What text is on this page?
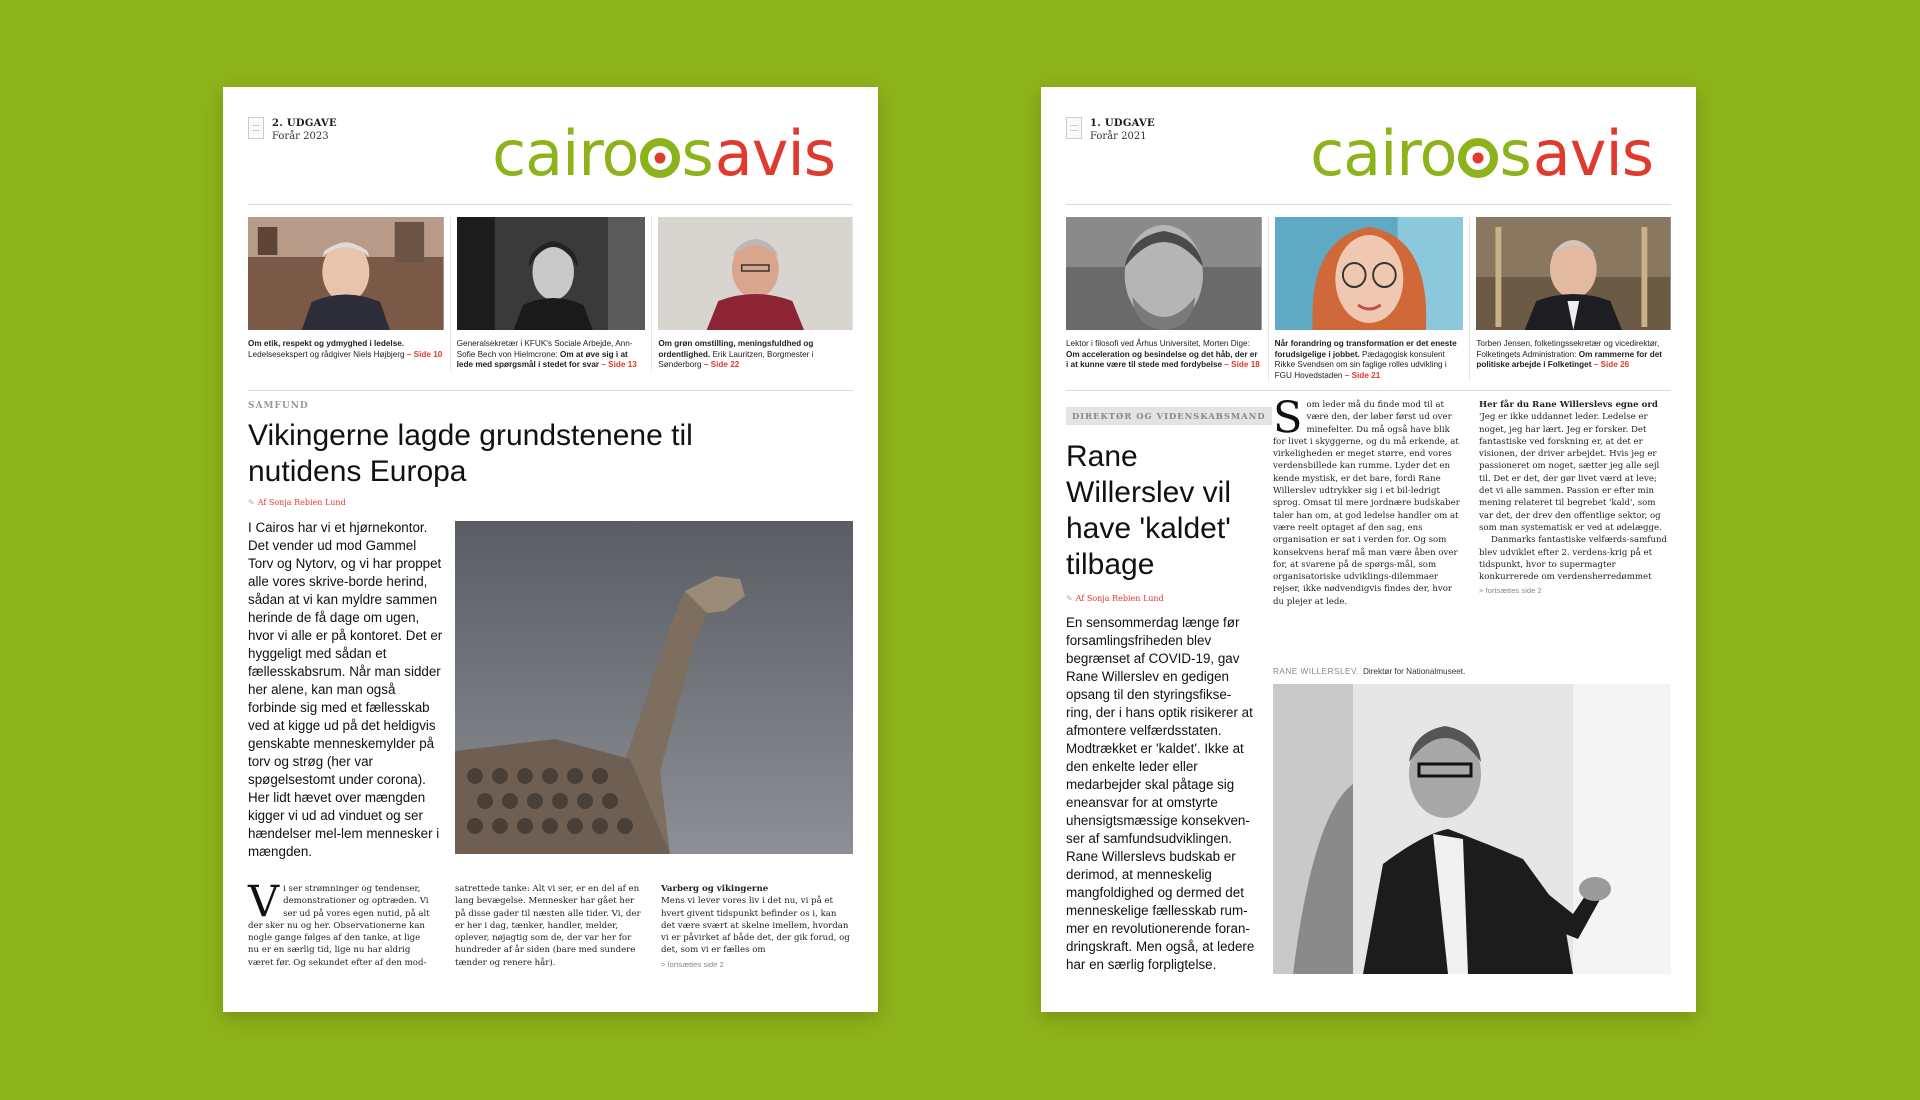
2. UDGAVE
Forår 2023	cairo s avis
Om etik, respekt og ydmyghed i ledelse. Ledelsesekspert og rådgiver Niels Højbjerg – Side 10
Generalsekretær i KFUK's Sociale Arbejde, Ann-Sofie Bech von Hielmcrone: Om at øve sig i at lede med spørgsmål i stedet for svar – Side 13
Om grøn omstilling, meningsfuldhed og ordentlighed. Erik Lauritzen, Borgmester i Sønderborg – Side 22
SAMFUND
Vikingerne lagde grundstenene til nutidens Europa
✎ Af Sonja Rebien Lund
I Cairos har vi et hjørnekontor. Det vender ud mod Gammel Torv og Nytorv, og vi har proppet alle vores skrive-borde herind, sådan at vi kan myldre sammen herinde de få dage om ugen, hvor vi alle er på kontoret. Det er hyggeligt med sådan et fællesskabsrum. Når man sidder her alene, kan man også forbinde sig med et fællesskab ved at kigge ud på det heldigvis genskabte menneskemylder på torv og strøg (her var spøgelsestomt under corona). Her lidt hævet over mængden kigger vi ud ad vinduet og ser hændelser mel-lem mennesker i mængden.
Vi ser strømninger og tendenser, demonstrationer og optræden. Vi ser ud på vores egen nutid, på alt der sker nu og her. Observationerne kan nogle gange følges af den tanke, at lige nu er en særlig tid, lige nu har aldrig været før. Og sekundet efter af den mod-
satrettede tanke: Alt vi ser, er en del af en lang bevægelse. Mennesker har gået her på disse gader til næsten alle tider. Vi, der er her i dag, tænker, handler, melder, oplever, nøjagtig som de, der var her for hundreder af år siden (bare med sundere tænder og renere hår).
Varberg og vikingerne
Mens vi lever vores liv i det nu, vi på et hvert givent tidspunkt befinder os i, kan det være svært at skelne imellem, hvordan vi er påvirket af både det, der gik forud, og det, som vi er fælles om
> fortsættes side 2
1. UDGAVE
Forår 2021	cairo s avis
Lektor i filosofi ved Århus Universitet, Morten Dige: Om acceleration og besindelse og det håb, der er i at kunne være til stede med fordybelse – Side 18
Når forandring og transformation er det eneste forudsigelige i jobbet. Pædagogisk konsulent Rikke Svendsen om sin faglige rolles udvikling i FGU Hovedstaden – Side 21
Torben Jensen, folketingssekretær og vicedirektør, Folketingets Administration: Om rammerne for det politiske arbejde i Folketinget – Side 26
DIREKTØR OG VIDENSKABSMAND
Rane Willerslev vil have 'kaldet' tilbage
✎ Af Sonja Rebien Lund
En sensommerdag længe før forsamlingsfriheden blev begrænset af COVID-19, gav Rane Willerslev en gedigen opsang til den styringsfikse-ring, der i hans optik risikerer at afmontere velfærdsstaten. Modtrækket er 'kaldet'. Ikke at den enkelte leder eller medarbejder skal påtage sig eneansvar for at omstyrte uhensigtsmæssige konsekven-ser af samfundsudviklingen. Rane Willerslevs budskab er derimod, at menneskelig mangfoldighed og dermed det menneskelige fællesskab rum-mer en revolutionerende foran-dringskraft. Men også, at ledere har en særlig forpligtelse.
Som leder må du finde mod til at være den, der løber først ud over minefelter. Du må også have blik for livet i skyggerne, og du må erkende, at virkeligheden er meget større, end vores verdensbillede kan rumme. Lyder det en kende mystisk, er det bare, fordi Rane Willerslev udtrykker sig i et bil-ledrigt sprog. Omsat til mere jordnære budskaber taler han om, at god ledelse handler om at være reelt optaget af den sag, ens organisation er sat i verden for. Og som konsekvens heraf må man være åben over for, at svarene på de spørgs-mål, som organisatoriske udviklings-dilemmaer rejser, ikke nødvendigvis findes der, hvor du plejer at lede.
Her får du Rane Willerslevs egne ord
'Jeg er ikke uddannet leder. Ledelse er noget, jeg har lært. Jeg er forsker. Det fantastiske ved forskning er, at det er visionen, der driver arbejdet. Hvis jeg er passioneret om noget, sætter jeg alle sejl til. Det er det, der gør livet værd at leve; det vi alle sammen. Passion er efter min mening relateret til begrebet 'kald', som var det, der drev den offentlige sektor, og som man systematisk er ved at ødelægge.
Danmarks fantastiske velfærds-samfund blev udviklet efter 2. verdens-krig på et tidspunkt, hvor to supermagter konkurrerede om verdensherredømmet
> fortsættes side 2
RANE WILLERSLEV. Direktør for Nationalmuseet.
